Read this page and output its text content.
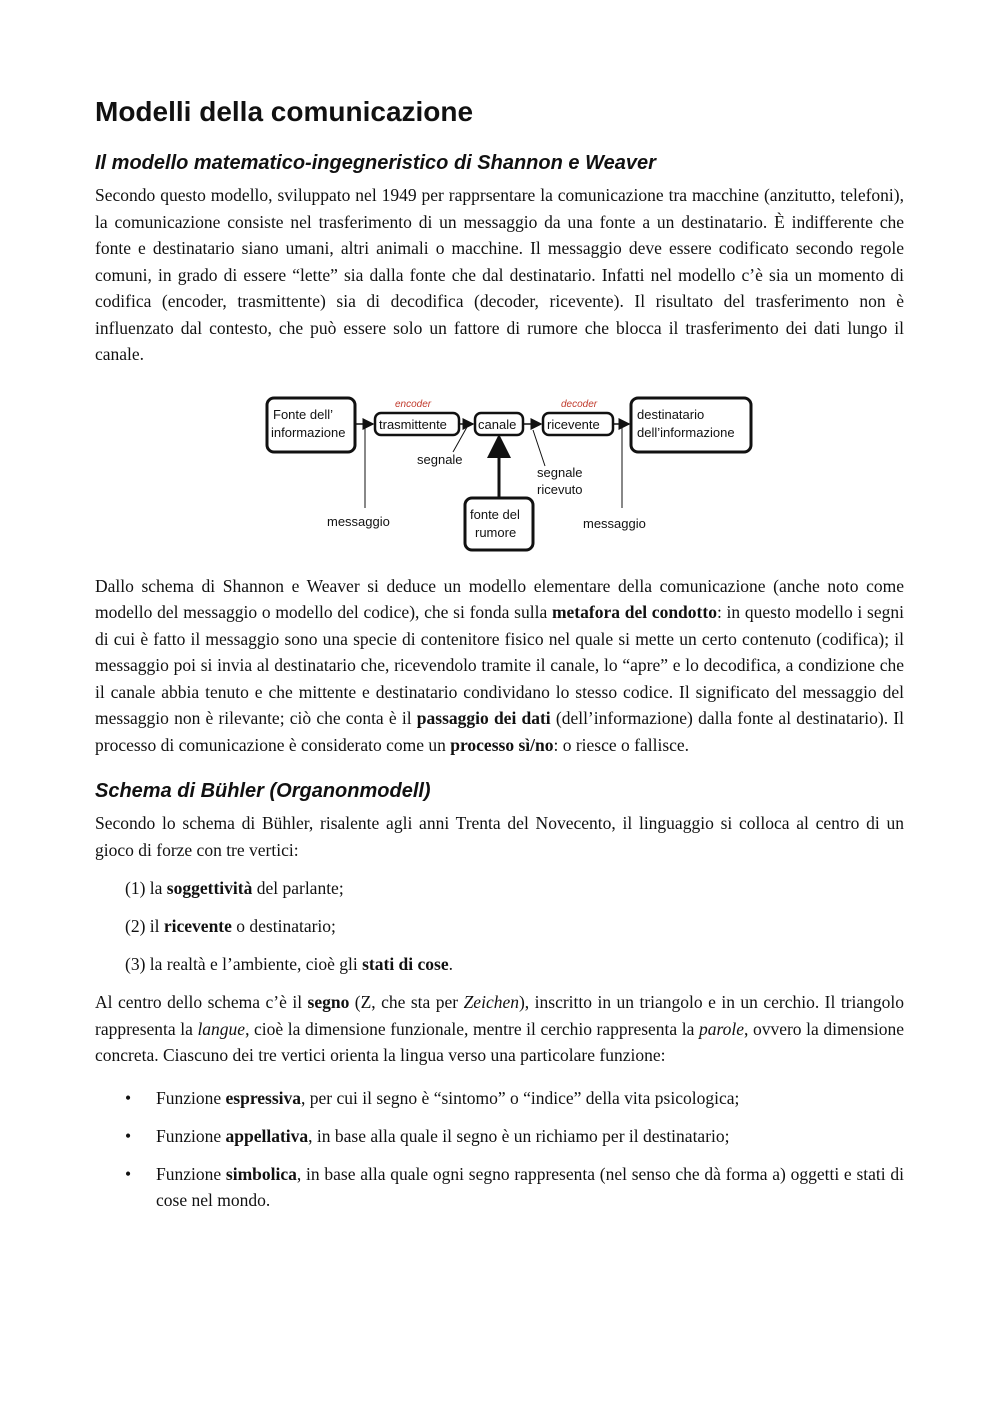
Modelli della comunicazione
Il modello matematico-ingegneristico di Shannon e Weaver

Secondo questo modello, sviluppato nel 1949 per rapprsentare la comunicazione tra macchine (anzitutto, telefoni), la comunicazione consiste nel trasferimento di un messaggio da una fonte a un destinatario. È indifferente che fonte e destinatario siano umani, altri animali o macchine. Il messaggio deve essere codificato secondo regole comuni, in grado di essere “lette” sia dalla fonte che dal destinatario. Infatti nel modello c’è sia un momento di codifica (encoder, trasmittente) sia di decodifica (decoder, ricevente). Il risultato del trasferimento non è influenzato dal contesto, che può essere solo un fattore di rumore che blocca il trasferimento dei dati lungo il canale.

Fonte dell’
informazione
trasmittente canale ricevente
destinatario
dell’informazione
encoder	decoder
segnale
segnale
ricevuto
fonte del
rumore
messaggio	messaggio

Dallo schema di Shannon e Weaver si deduce un modello elementare della comunicazione (anche noto come modello del messaggio o modello del codice), che si fonda sulla metafora del condotto: in questo modello i segni di cui è fatto il messaggio sono una specie di contenitore fisico nel quale si mette un certo contenuto (codifica); il messaggio poi si invia al destinatario che, ricevendolo tramite il canale, lo “apre” e lo decodifica, a condizione che il canale abbia tenuto e che mittente e destinatario condividano lo stesso codice. Il significato del messaggio del messaggio non è rilevante; ciò che conta è il passaggio dei dati (dell’informazione) dalla fonte al destinatario). Il processo di comunicazione è considerato come un processo sì/no: o riesce o fallisce.

Schema di Bühler (Organonmodell)

Secondo lo schema di Bühler, risalente agli anni Trenta del Novecento, il linguaggio si colloca al centro di un gioco di forze con tre vertici:

(1) la soggettività del parlante;
(2) il ricevente o destinatario;
(3) la realtà e l’ambiente, cioè gli stati di cose.

Al centro dello schema c’è il segno (Z, che sta per Zeichen), inscritto in un triangolo e in un cerchio. Il triangolo rappresenta la langue, cioè la dimensione funzionale, mentre il cerchio rappresenta la parole, ovvero la dimensione concreta. Ciascuno dei tre vertici orienta la lingua verso una particolare funzione:

• Funzione espressiva, per cui il segno è “sintomo” o “indice” della vita psicologica;
• Funzione appellativa, in base alla quale il segno è un richiamo per il destinatario;
• Funzione simbolica, in base alla quale ogni segno rappresenta (nel senso che dà forma a) oggetti e stati di cose nel mondo.
